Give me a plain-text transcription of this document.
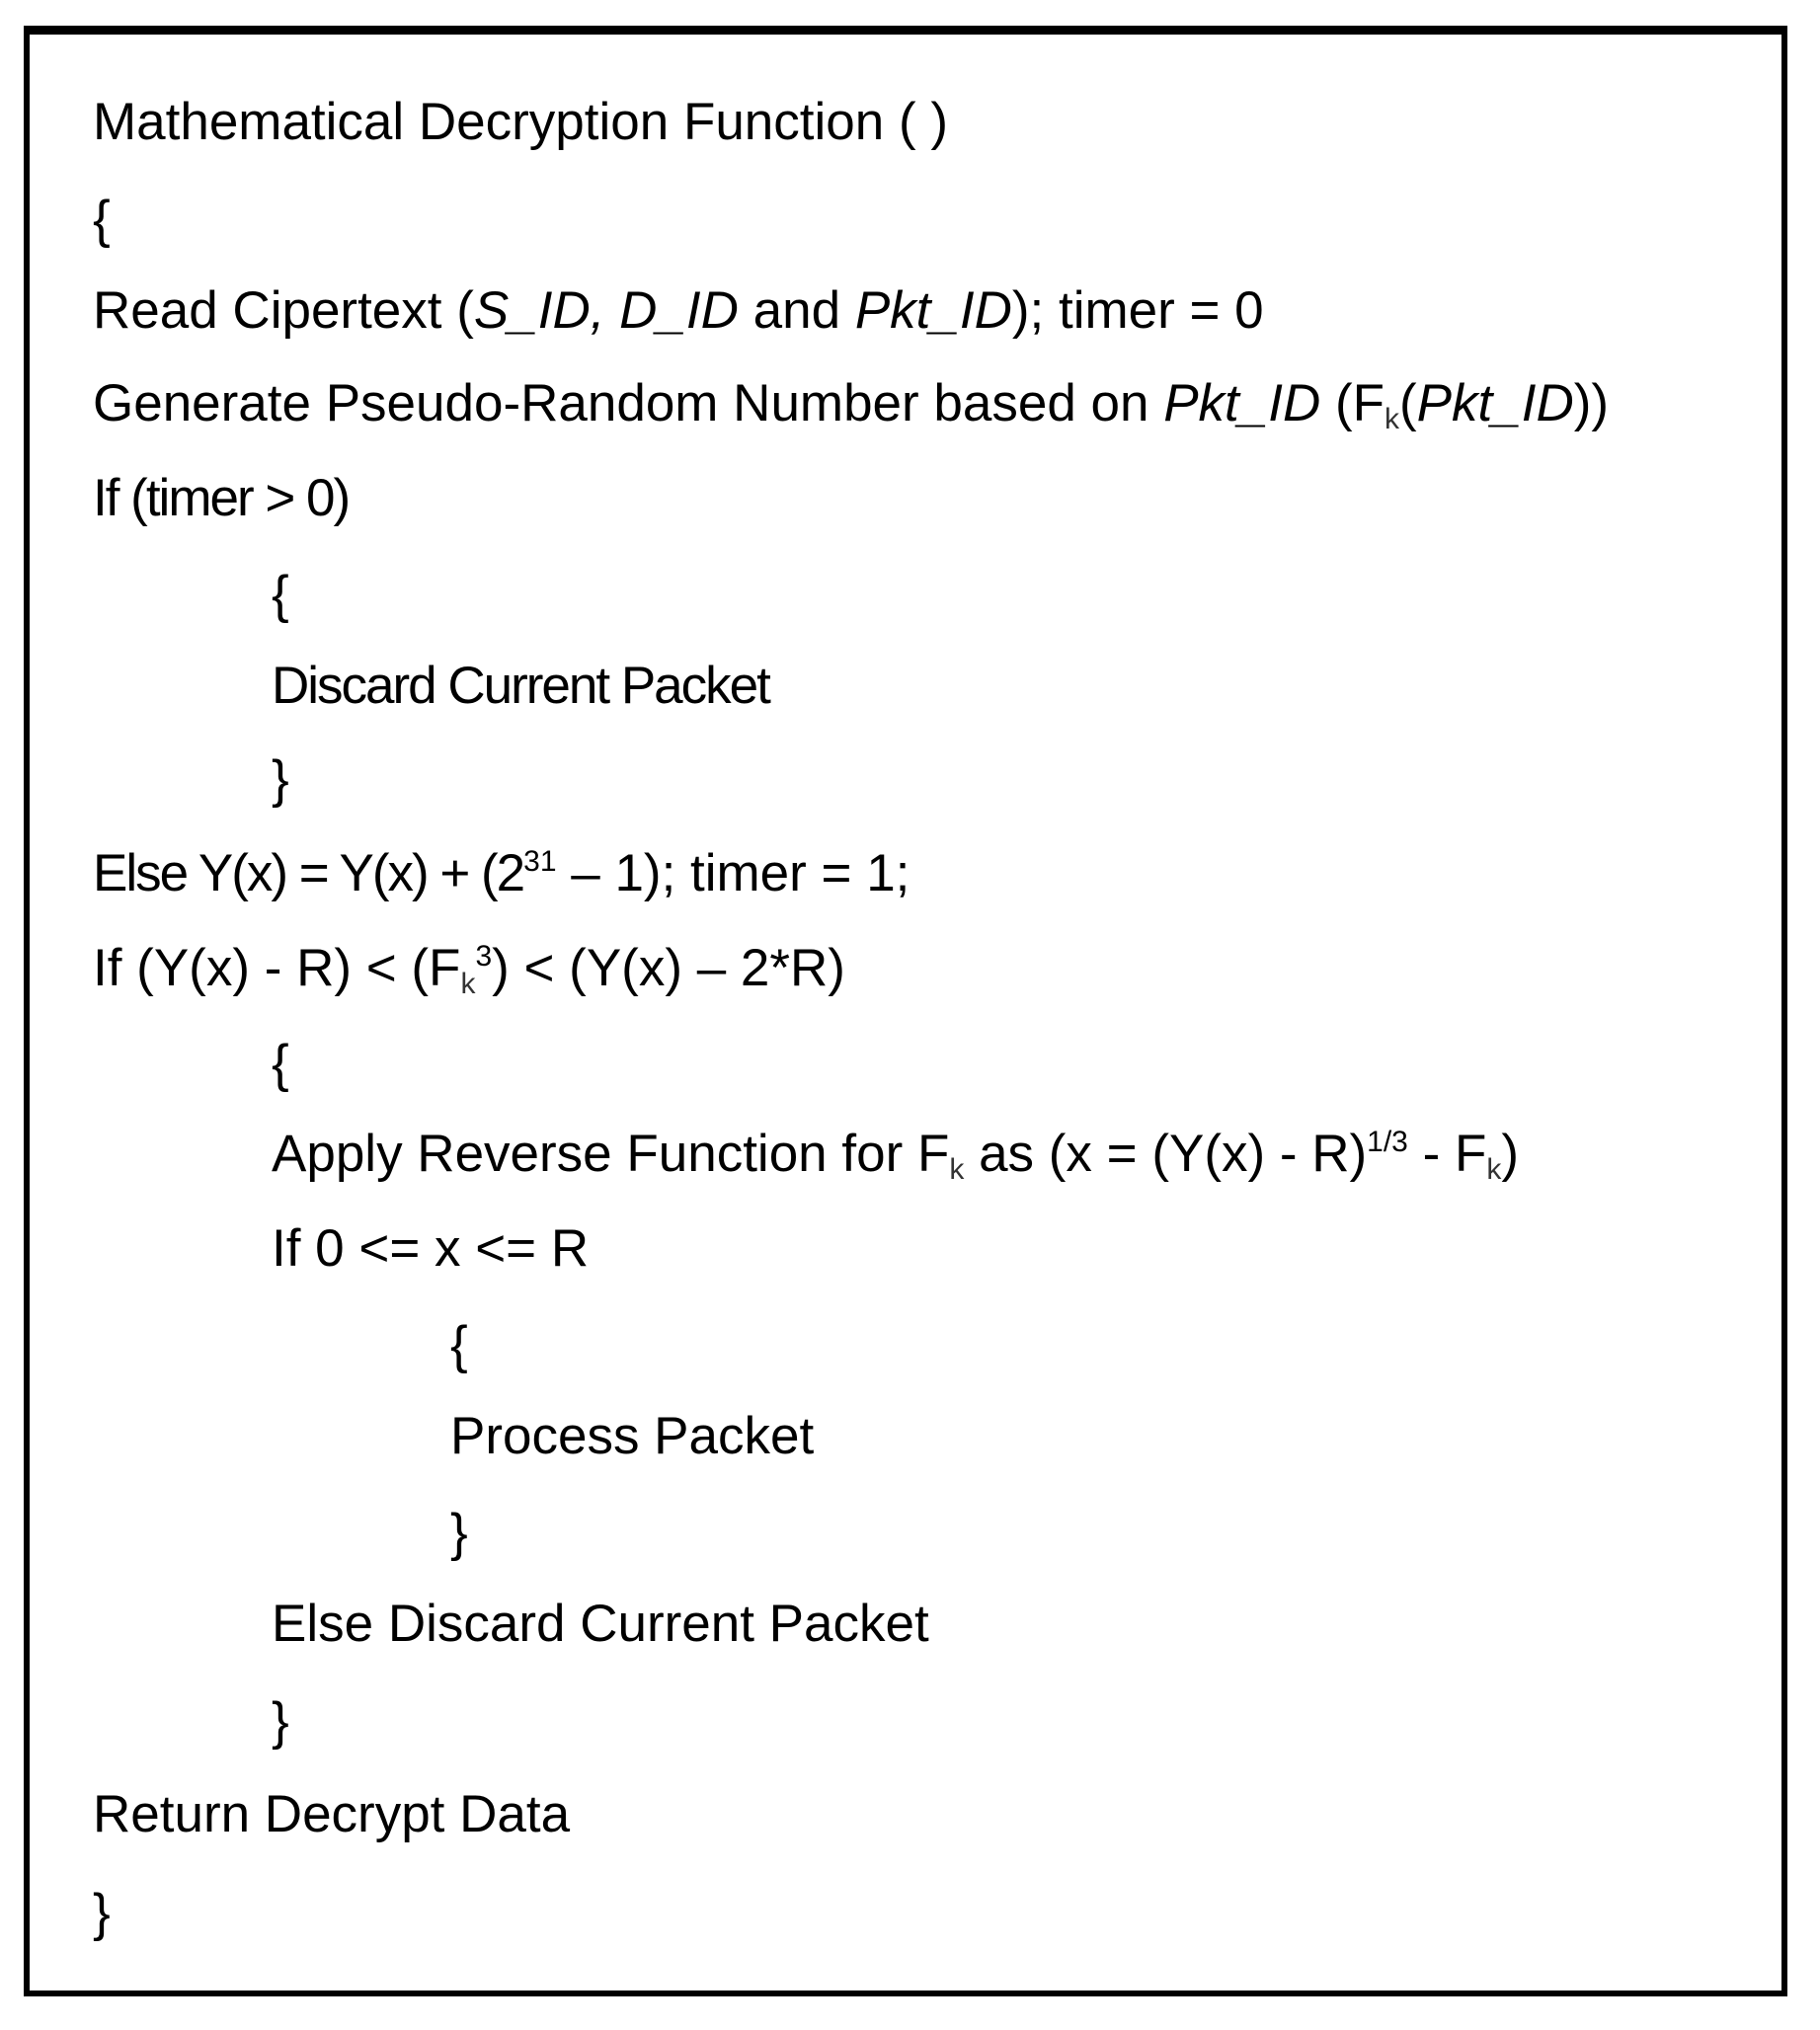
Mathematical Decryption Function ( )
{
Read Cipertext (S_ID, D_ID and Pkt_ID); timer = 0
Generate Pseudo-Random Number based on Pkt_ID $(F_k(Pkt\_ID))$
If (timer > 0)
{
Discard Current Packet
}
Else $Y(x) = Y(x) + (2^{31} - 1)$; timer = 1;
If $(Y(x) - R) < (F_k^3) < (Y(x) - 2*R)$
{
Apply Reverse Function for $F_k$ as $(x = (Y(x) - R)^{1/3} - F_k)$
If 0 <= x <= R
{
Process Packet
}
Else Discard Current Packet
}
Return Decrypt Data
}
